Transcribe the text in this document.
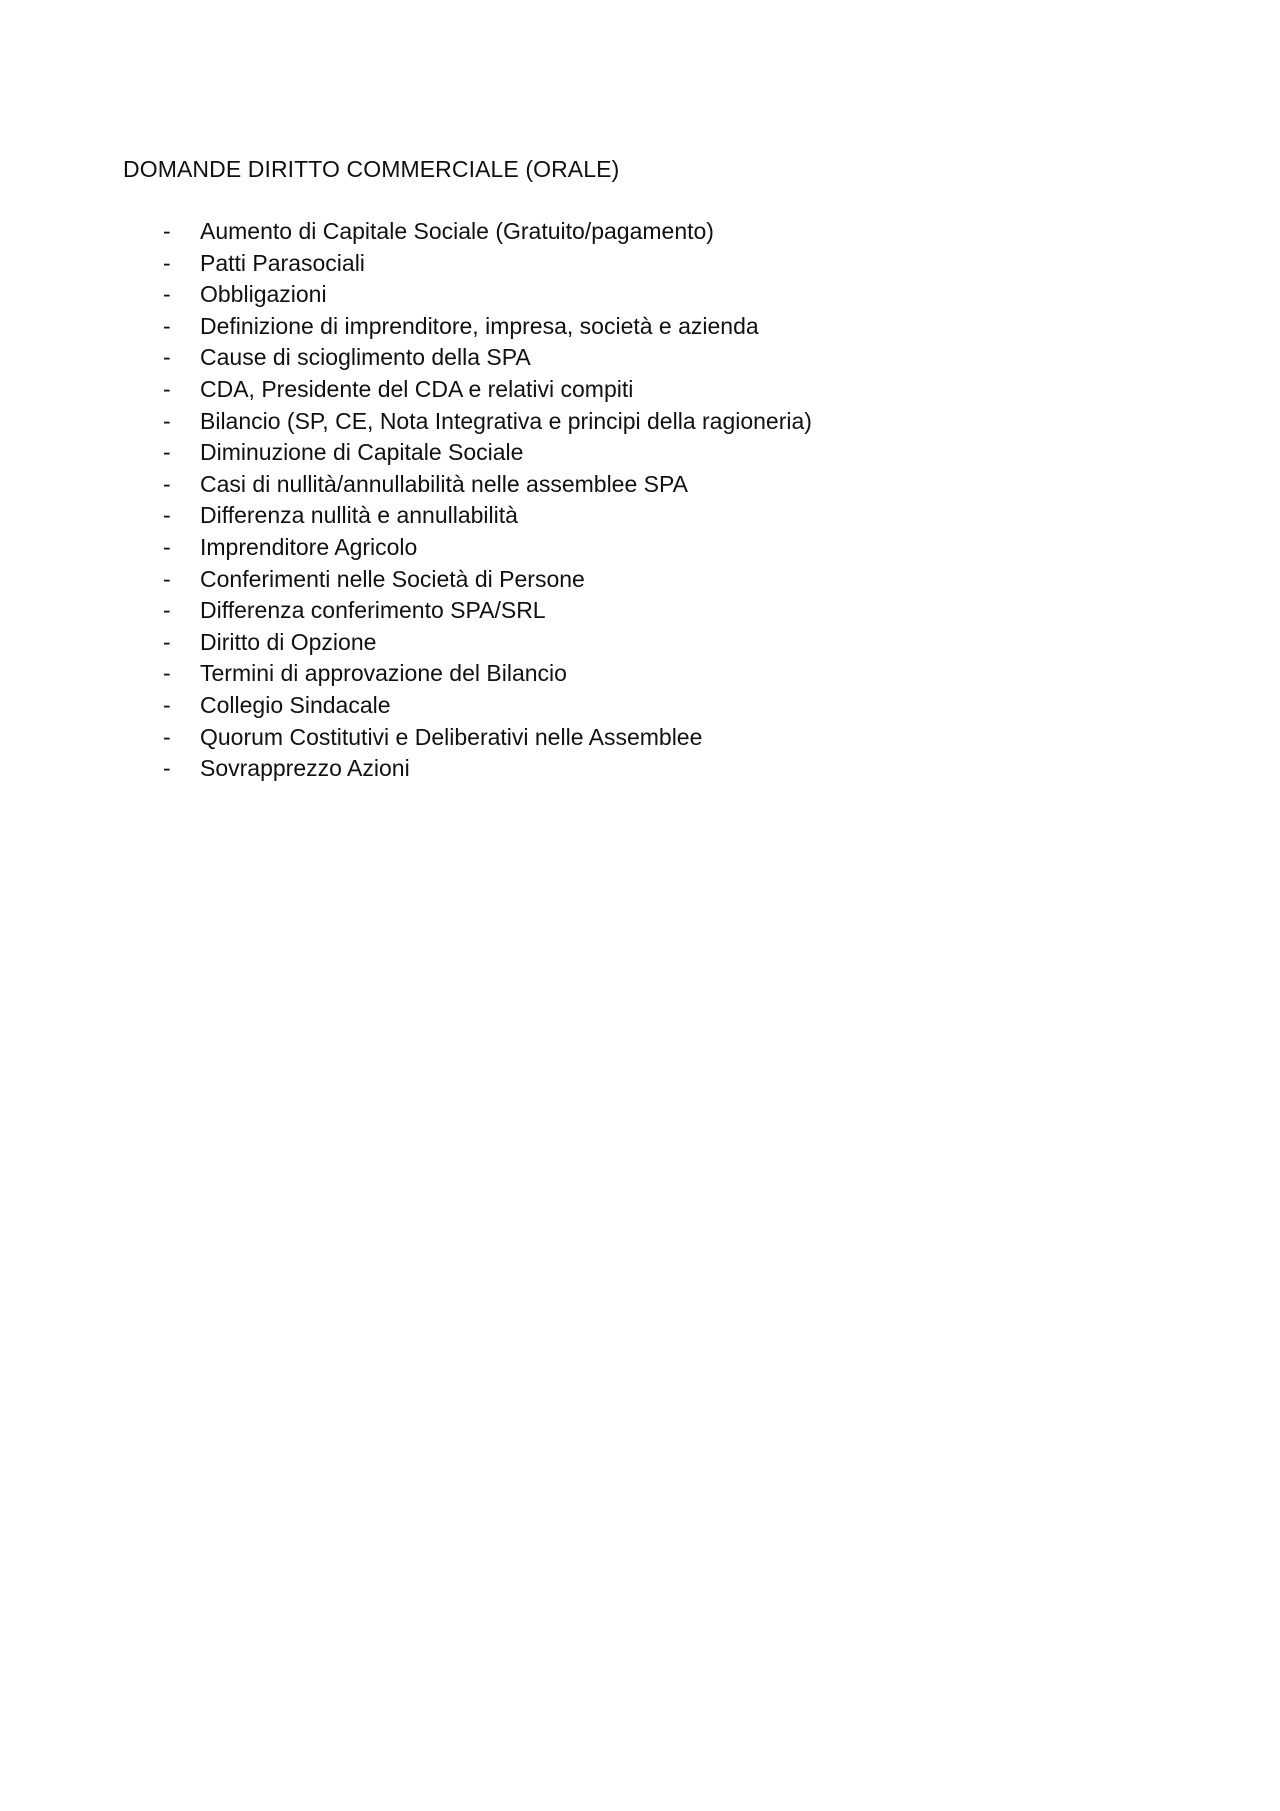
DOMANDE DIRITTO COMMERCIALE (ORALE)
-	Aumento di Capitale Sociale (Gratuito/pagamento)
-	Patti Parasociali
-	Obbligazioni
-	Definizione di imprenditore, impresa, società e azienda
-	Cause di scioglimento della SPA
-	CDA, Presidente del CDA e relativi compiti
-	Bilancio (SP, CE, Nota Integrativa e principi della ragioneria)
-	Diminuzione di Capitale Sociale
-	Casi di nullità/annullabilità nelle assemblee SPA
-	Differenza nullità e annullabilità
-	Imprenditore Agricolo
-	Conferimenti nelle Società di Persone
-	Differenza conferimento SPA/SRL
-	Diritto di Opzione
-	Termini di approvazione del Bilancio
-	Collegio Sindacale
-	Quorum Costitutivi e Deliberativi nelle Assemblee
-	Sovrapprezzo Azioni
